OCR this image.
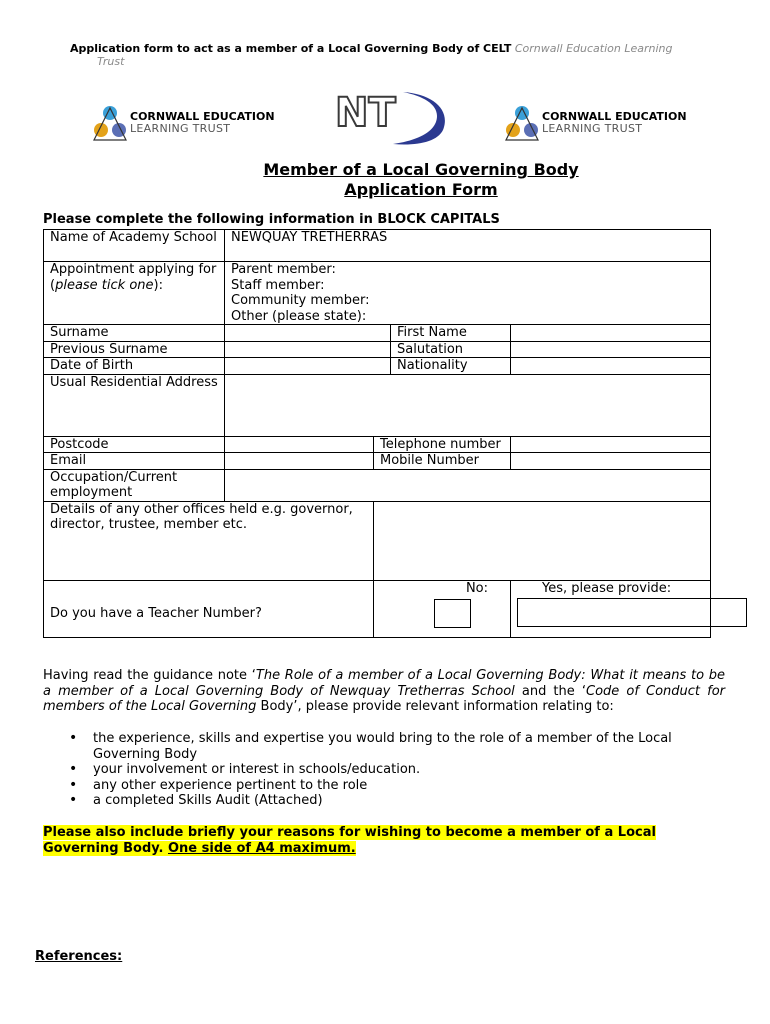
Application form to act as a member of a Local Governing Body of CELT Cornwall Education Learning
Trust
CORNWALL EDUCATION
LEARNING TRUST	NT	CORNWALL EDUCATION
LEARNING TRUST
Member of a Local Governing Body
Application Form
Please complete the following information in BLOCK CAPITALS
Name of Academy School	NEWQUAY TRETHERRAS			
Appointment applying for (please tick one):	Parent member:
Staff member:
Community member:
Other (please state):			

Surname			First Name	
Previous Surname			Salutation	
Date of Birth			Nationality	
Usual Residential Address				
Postcode		Telephone number		
Email		Mobile Number		
Occupation/Current employment				
Details of any other offices held e.g. governor, director, trustee, member etc.				
Do you have a Teacher Number?		No:		Yes, please provide:
Having read the guidance note ‘The Role of a member of a Local Governing Body: What it means to be a member of a Local Governing Body of Newquay Tretherras School and the ‘Code of Conduct for members of the Local Governing Body’, please provide relevant information relating to:
• the experience, skills and expertise you would bring to the role of a member of the Local Governing Body
• your involvement or interest in schools/education.
• any other experience pertinent to the role
• a completed Skills Audit (Attached)
Please also include briefly your reasons for wishing to become a member of a Local Governing Body. One side of A4 maximum.
References:
